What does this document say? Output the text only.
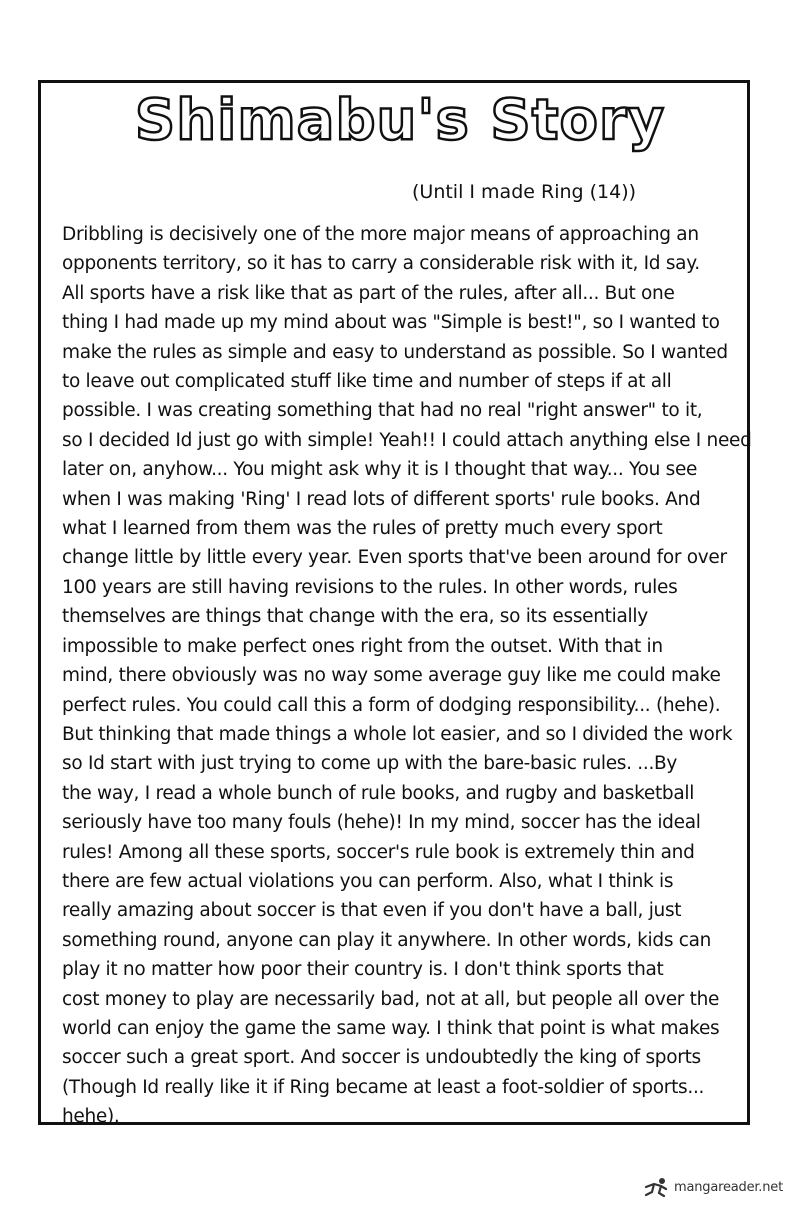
Shimabu's Story
(Until I made Ring (14))
Dribbling is decisively one of the more major means of approaching an
opponents territory, so it has to carry a considerable risk with it, Id say.
All sports have a risk like that as part of the rules, after all... But one
thing I had made up my mind about was "Simple is best!", so I wanted to
make the rules as simple and easy to understand as possible. So I wanted
to leave out complicated stuff like time and number of steps if at all
possible. I was creating something that had no real "right answer" to it,
so I decided Id just go with simple! Yeah!! I could attach anything else I need
later on, anyhow... You might ask why it is I thought that way... You see
when I was making 'Ring' I read lots of different sports' rule books. And
what I learned from them was the rules of pretty much every sport
change little by little every year. Even sports that've been around for over
100 years are still having revisions to the rules. In other words, rules
themselves are things that change with the era, so its essentially
impossible to make perfect ones right from the outset. With that in
mind, there obviously was no way some average guy like me could make
perfect rules. You could call this a form of dodging responsibility... (hehe).
But thinking that made things a whole lot easier, and so I divided the work
so Id start with just trying to come up with the bare-basic rules. ...By
the way, I read a whole bunch of rule books, and rugby and basketball
seriously have too many fouls (hehe)! In my mind, soccer has the ideal
rules! Among all these sports, soccer's rule book is extremely thin and
there are few actual violations you can perform. Also, what I think is
really amazing about soccer is that even if you don't have a ball, just
something round, anyone can play it anywhere. In other words, kids can
play it no matter how poor their country is. I don't think sports that
cost money to play are necessarily bad, not at all, but people all over the
world can enjoy the game the same way. I think that point is what makes
soccer such a great sport. And soccer is undoubtedly the king of sports
(Though Id really like it if Ring became at least a foot-soldier of sports...
hehe).
mangareader.net
